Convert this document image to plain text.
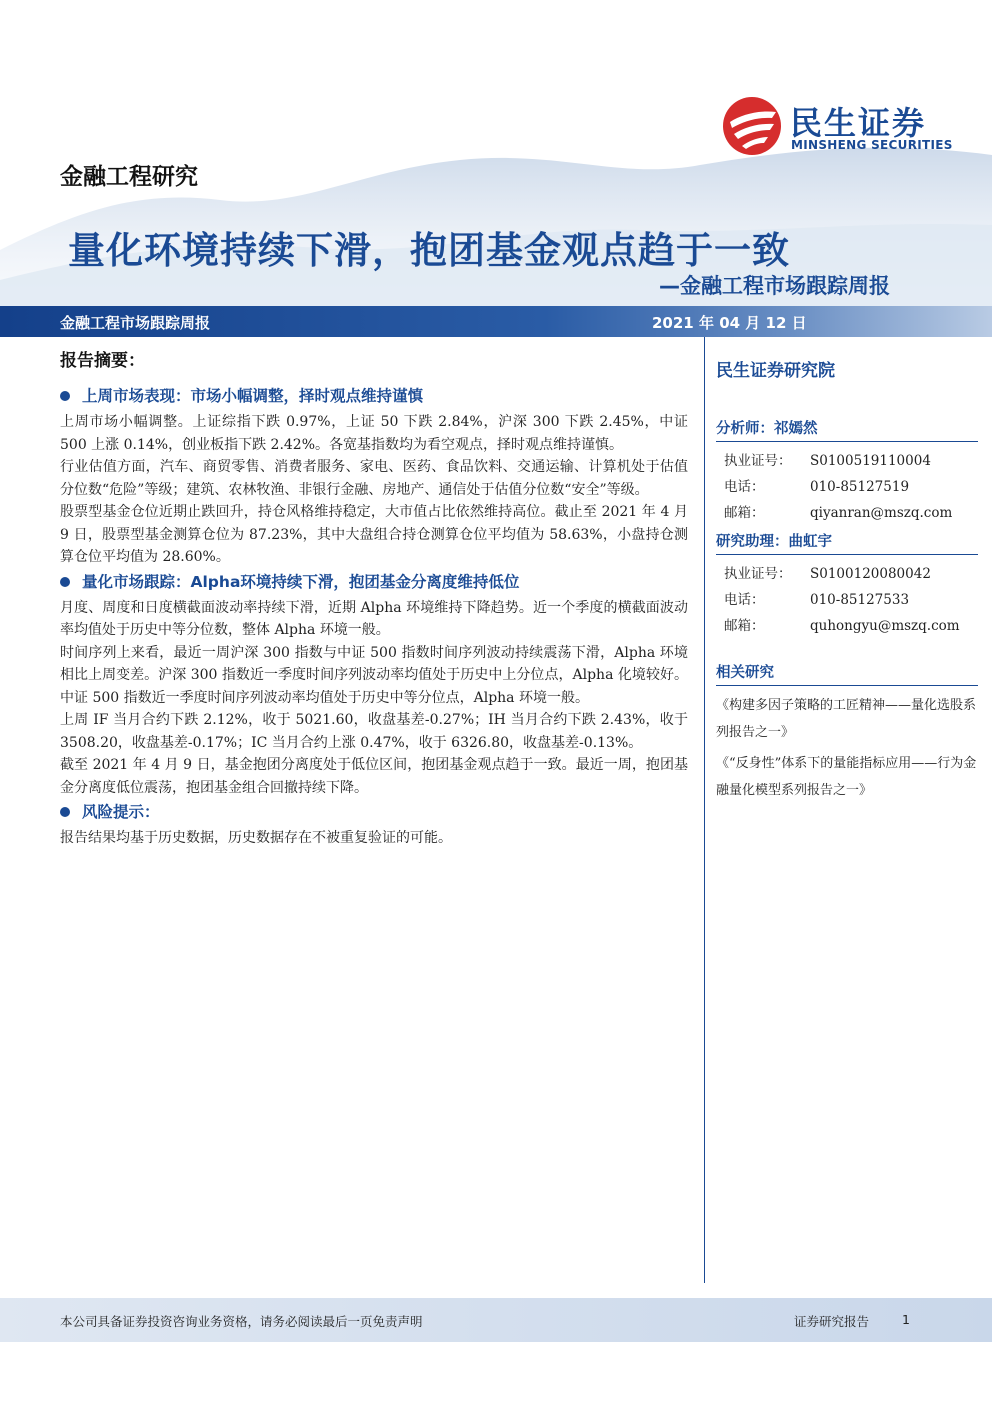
民生证券
MINSHENG SECURITIES
金融工程研究
量化环境持续下滑，抱团基金观点趋于一致
—金融工程市场跟踪周报
金融工程市场跟踪周报	2021 年 04 月 12 日
报告摘要：
上周市场表现：市场小幅调整，择时观点维持谨慎

上周市场小幅调整。上证综指下跌 0.97%，上证 50 下跌 2.84%，沪深 300 下跌 2.45%，中证 500 上涨 0.14%，创业板指下跌 2.42%。各宽基指数均为看空观点，择时观点维持谨慎。

行业估值方面，汽车、商贸零售、消费者服务、家电、医药、食品饮料、交通运输、计算机处于估值分位数“危险”等级；建筑、农林牧渔、非银行金融、房地产、通信处于估值分位数“安全”等级。

股票型基金仓位近期止跌回升，持仓风格维持稳定，大市值占比依然维持高位。截止至 2021 年 4 月 9 日，股票型基金测算仓位为 87.23%，其中大盘组合持仓测算仓位平均值为 58.63%，小盘持仓测算仓位平均值为 28.60%。

量化市场跟踪：Alpha环境持续下滑，抱团基金分离度维持低位

月度、周度和日度横截面波动率持续下滑，近期 Alpha 环境维持下降趋势。近一个季度的横截面波动率均值处于历史中等分位数，整体 Alpha 环境一般。

时间序列上来看，最近一周沪深 300 指数与中证 500 指数时间序列波动持续震荡下滑，Alpha 环境相比上周变差。沪深 300 指数近一季度时间序列波动率均值处于历史中上分位点，Alpha 化境较好。中证 500 指数近一季度时间序列波动率均值处于历史中等分位点，Alpha 环境一般。

上周 IF 当月合约下跌 2.12%，收于 5021.60，收盘基差-0.27%；IH 当月合约下跌 2.43%，收于 3508.20，收盘基差-0.17%；IC 当月合约上涨 0.47%，收于 6326.80，收盘基差-0.13%。

截至 2021 年 4 月 9 日，基金抱团分离度处于低位区间，抱团基金观点趋于一致。最近一周，抱团基金分离度低位震荡，抱团基金组合回撤持续下降。

风险提示：

报告结果均基于历史数据，历史数据存在不被重复验证的可能。

民生证券研究院
分析师：祁嫣然
执业证号：	S0100519110004
电话：	010-85127519
邮箱：	qiyanran@mszq.com
研究助理：曲虹宇
执业证号：	S0100120080042
电话：	010-85127533
邮箱：	quhongyu@mszq.com
相关研究
《构建多因子策略的工匠精神——量化选股系列报告之一》
《“反身性”体系下的量能指标应用——行为金融量化模型系列报告之一》
本公司具备证券投资咨询业务资格，请务必阅读最后一页免责声明	证券研究报告	1
